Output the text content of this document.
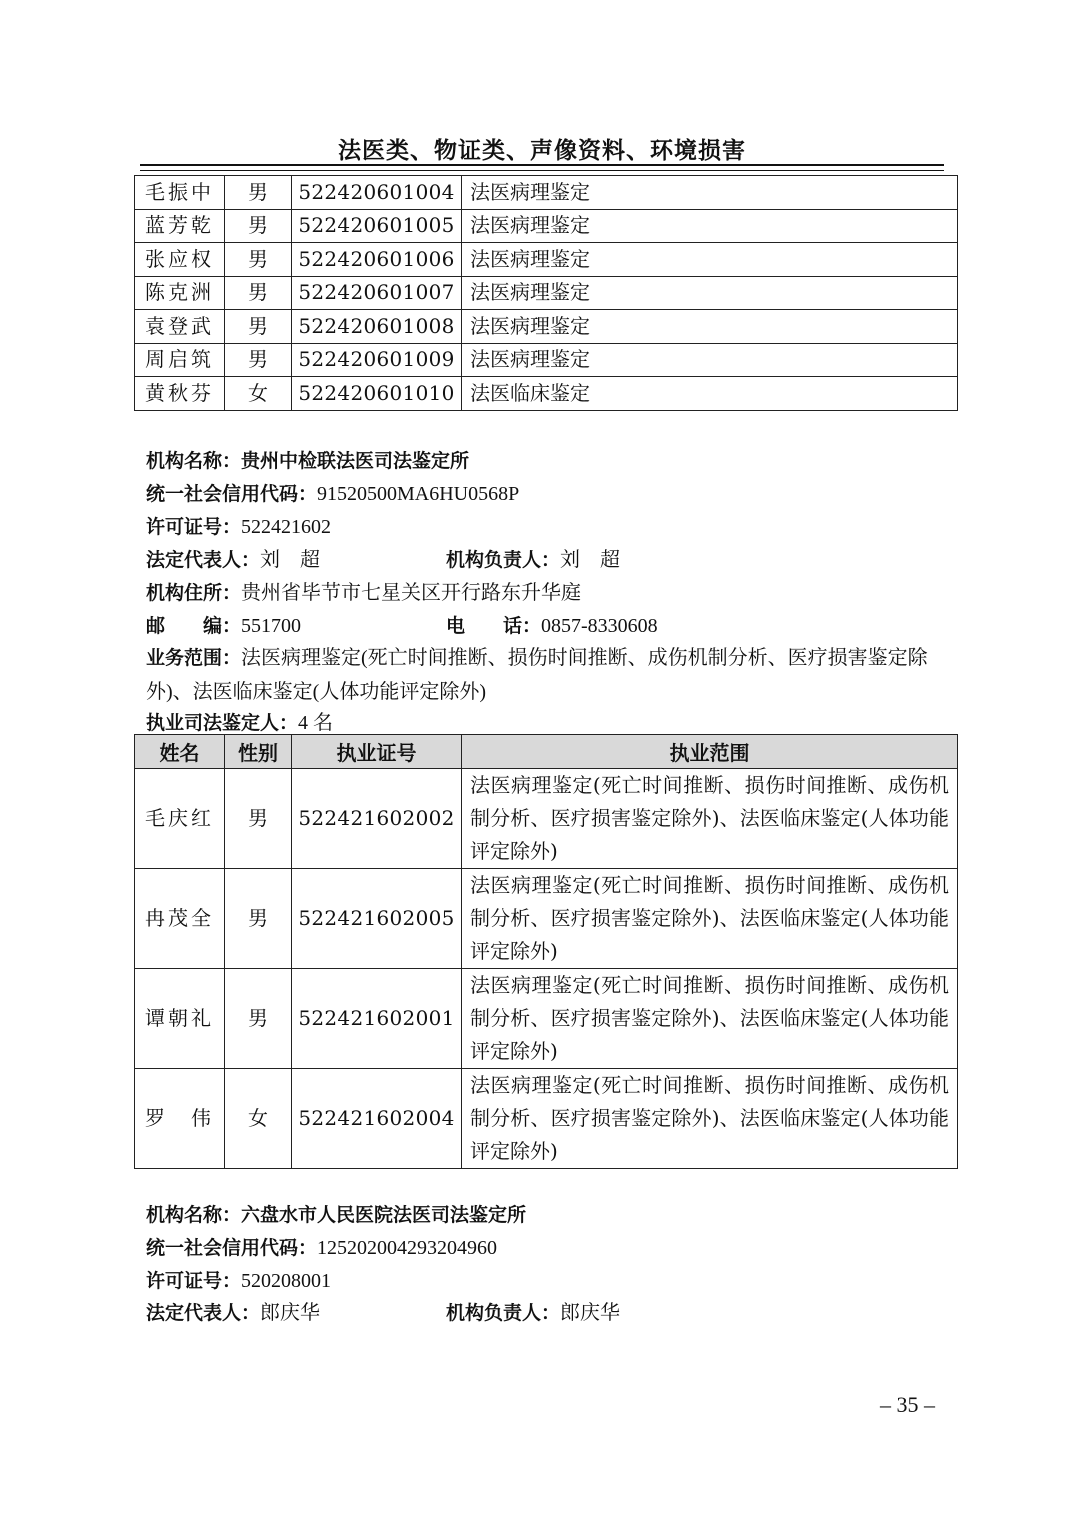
法医类、物证类、声像资料、环境损害
毛振中	男	522420601004	法医病理鉴定
蓝芳乾	男	522420601005	法医病理鉴定
张应权	男	522420601006	法医病理鉴定
陈克洲	男	522420601007	法医病理鉴定
袁登武	男	522420601008	法医病理鉴定
周启筑	男	522420601009	法医病理鉴定
黄秋芬	女	522420601010	法医临床鉴定
机构名称：贵州中检联法医司法鉴定所
统一社会信用代码：91520500MA6HU0568P
许可证号：522421602
法定代表人：刘　超	机构负责人：刘　超
机构住所：贵州省毕节市七星关区开行路东升华庭
邮　　编：551700	电　　话：0857-8330608
业务范围：法医病理鉴定(死亡时间推断、损伤时间推断、成伤机制分析、医疗损害鉴定除外)、法医临床鉴定(人体功能评定除外)
执业司法鉴定人：4 名
姓名	性别	执业证号	执业范围
毛庆红	男	522421602002	法医病理鉴定(死亡时间推断、损伤时间推断、成伤机制分析、医疗损害鉴定除外)、法医临床鉴定(人体功能评定除外)
冉茂全	男	522421602005	法医病理鉴定(死亡时间推断、损伤时间推断、成伤机制分析、医疗损害鉴定除外)、法医临床鉴定(人体功能评定除外)
谭朝礼	男	522421602001	法医病理鉴定(死亡时间推断、损伤时间推断、成伤机制分析、医疗损害鉴定除外)、法医临床鉴定(人体功能评定除外)
罗　伟	女	522421602004	法医病理鉴定(死亡时间推断、损伤时间推断、成伤机制分析、医疗损害鉴定除外)、法医临床鉴定(人体功能评定除外)
机构名称：六盘水市人民医院法医司法鉴定所
统一社会信用代码：125202004293204960
许可证号：520208001
法定代表人：郎庆华	机构负责人：郎庆华
– 35 –
